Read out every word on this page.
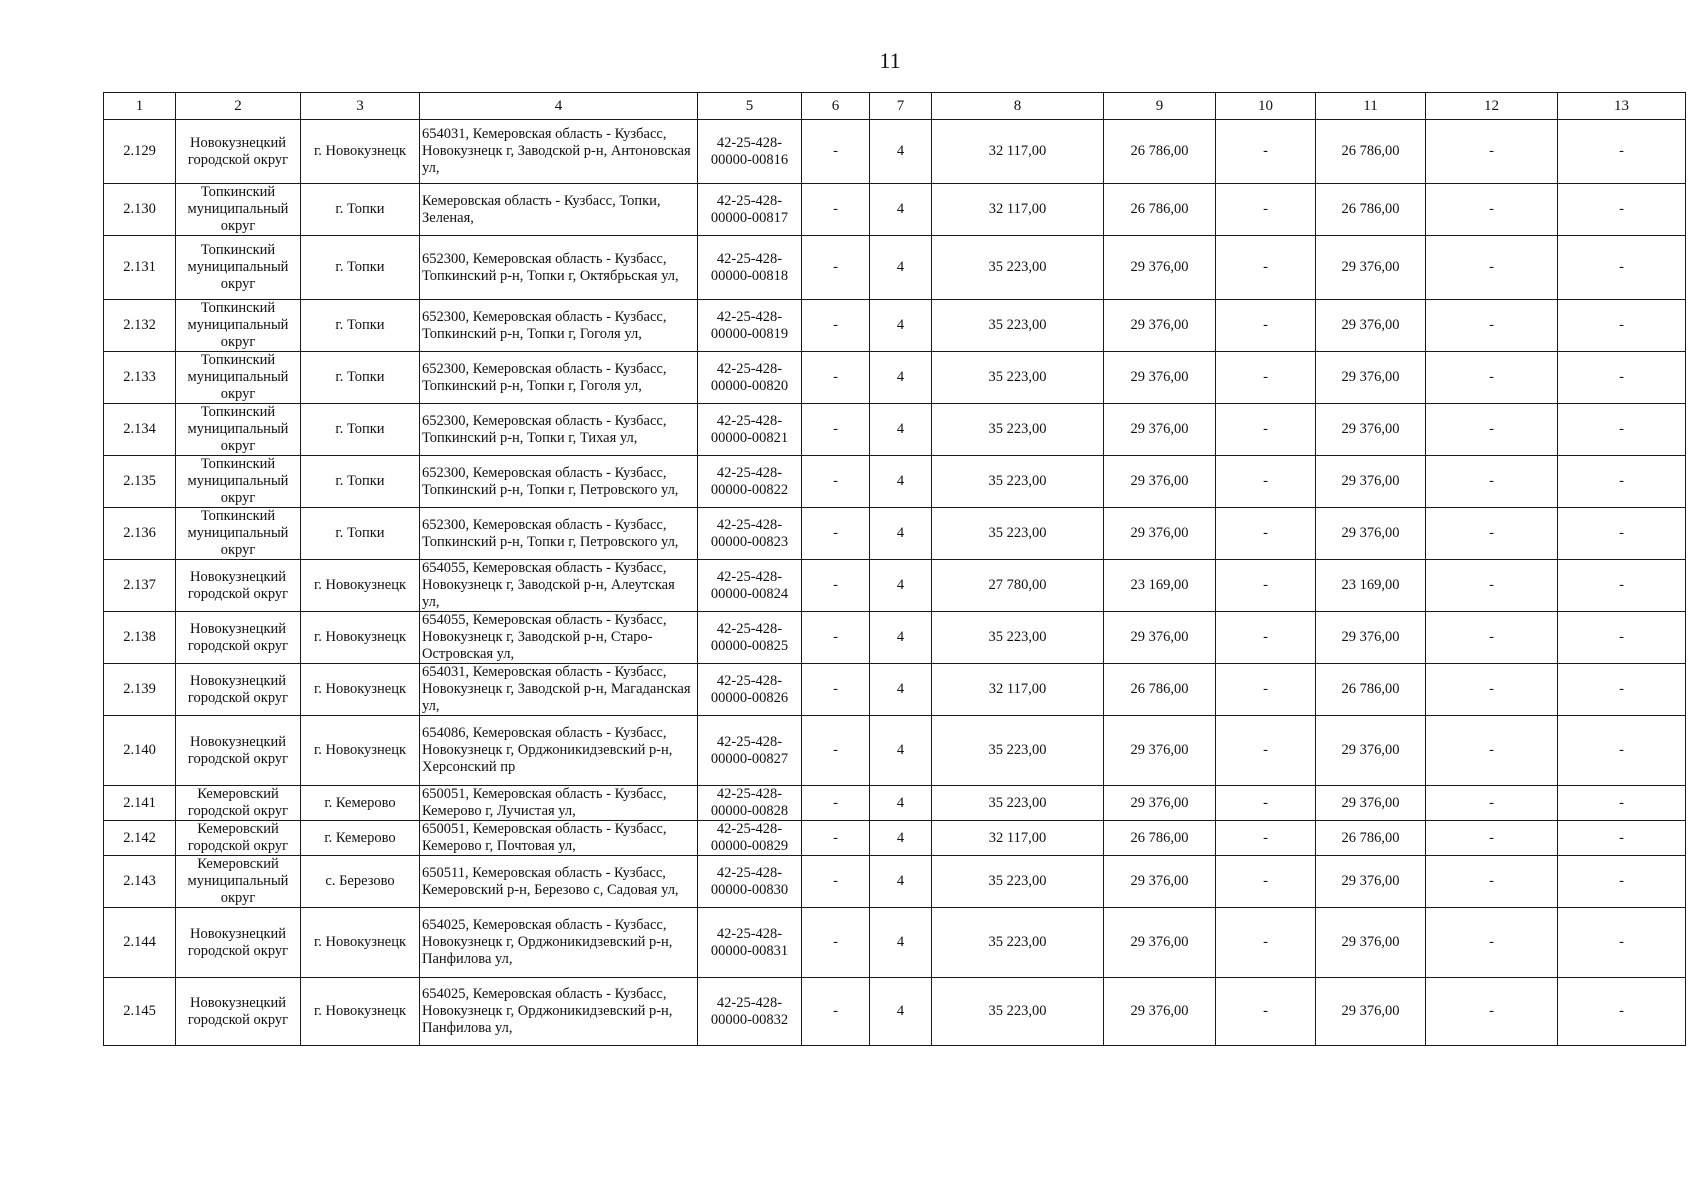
11
1	2	3	4	5	6	7	8	9	10	11	12	13
2.129	Новокузнецкий городской округ	г. Новокузнецк	654031, Кемеровская область - Кузбасс, Новокузнецк г, Заводской р-н, Антоновская ул,	42-25-428-00000-00816	-	4	32 117,00	26 786,00	-	26 786,00	-	-
2.130	Топкинский муниципальный округ	г. Топки	Кемеровская область - Кузбасс, Топки, Зеленая,	42-25-428-00000-00817	-	4	32 117,00	26 786,00	-	26 786,00	-	-
2.131	Топкинский муниципальный округ	г. Топки	652300, Кемеровская область - Кузбасс, Топкинский р-н, Топки г, Октябрьская ул,	42-25-428-00000-00818	-	4	35 223,00	29 376,00	-	29 376,00	-	-
2.132	Топкинский муниципальный округ	г. Топки	652300, Кемеровская область - Кузбасс, Топкинский р-н, Топки г, Гоголя ул,	42-25-428-00000-00819	-	4	35 223,00	29 376,00	-	29 376,00	-	-
2.133	Топкинский муниципальный округ	г. Топки	652300, Кемеровская область - Кузбасс, Топкинский р-н, Топки г, Гоголя ул,	42-25-428-00000-00820	-	4	35 223,00	29 376,00	-	29 376,00	-	-
2.134	Топкинский муниципальный округ	г. Топки	652300, Кемеровская область - Кузбасс, Топкинский р-н, Топки г, Тихая ул,	42-25-428-00000-00821	-	4	35 223,00	29 376,00	-	29 376,00	-	-
2.135	Топкинский муниципальный округ	г. Топки	652300, Кемеровская область - Кузбасс, Топкинский р-н, Топки г, Петровского ул,	42-25-428-00000-00822	-	4	35 223,00	29 376,00	-	29 376,00	-	-
2.136	Топкинский муниципальный округ	г. Топки	652300, Кемеровская область - Кузбасс, Топкинский р-н, Топки г, Петровского ул,	42-25-428-00000-00823	-	4	35 223,00	29 376,00	-	29 376,00	-	-
2.137	Новокузнецкий городской округ	г. Новокузнецк	654055, Кемеровская область - Кузбасс, Новокузнецк г, Заводской р-н, Алеутская ул,	42-25-428-00000-00824	-	4	27 780,00	23 169,00	-	23 169,00	-	-
2.138	Новокузнецкий городской округ	г. Новокузнецк	654055, Кемеровская область - Кузбасс, Новокузнецк г, Заводской р-н, Старо-Островская ул,	42-25-428-00000-00825	-	4	35 223,00	29 376,00	-	29 376,00	-	-
2.139	Новокузнецкий городской округ	г. Новокузнецк	654031, Кемеровская область - Кузбасс, Новокузнецк г, Заводской р-н, Магаданская ул,	42-25-428-00000-00826	-	4	32 117,00	26 786,00	-	26 786,00	-	-
2.140	Новокузнецкий городской округ	г. Новокузнецк	654086, Кемеровская область - Кузбасс, Новокузнецк г, Орджоникидзевский р-н, Херсонский пр	42-25-428-00000-00827	-	4	35 223,00	29 376,00	-	29 376,00	-	-
2.141	Кемеровский городской округ	г. Кемерово	650051, Кемеровская область - Кузбасс, Кемерово г, Лучистая ул,	42-25-428-00000-00828	-	4	35 223,00	29 376,00	-	29 376,00	-	-
2.142	Кемеровский городской округ	г. Кемерово	650051, Кемеровская область - Кузбасс, Кемерово г, Почтовая ул,	42-25-428-00000-00829	-	4	32 117,00	26 786,00	-	26 786,00	-	-
2.143	Кемеровский муниципальный округ	с. Березово	650511, Кемеровская область - Кузбасс, Кемеровский р-н, Березово с, Садовая ул,	42-25-428-00000-00830	-	4	35 223,00	29 376,00	-	29 376,00	-	-
2.144	Новокузнецкий городской округ	г. Новокузнецк	654025, Кемеровская область - Кузбасс, Новокузнецк г, Орджоникидзевский р-н, Панфилова ул,	42-25-428-00000-00831	-	4	35 223,00	29 376,00	-	29 376,00	-	-
2.145	Новокузнецкий городской округ	г. Новокузнецк	654025, Кемеровская область - Кузбасс, Новокузнецк г, Орджоникидзевский р-н, Панфилова ул,	42-25-428-00000-00832	-	4	35 223,00	29 376,00	-	29 376,00	-	-
